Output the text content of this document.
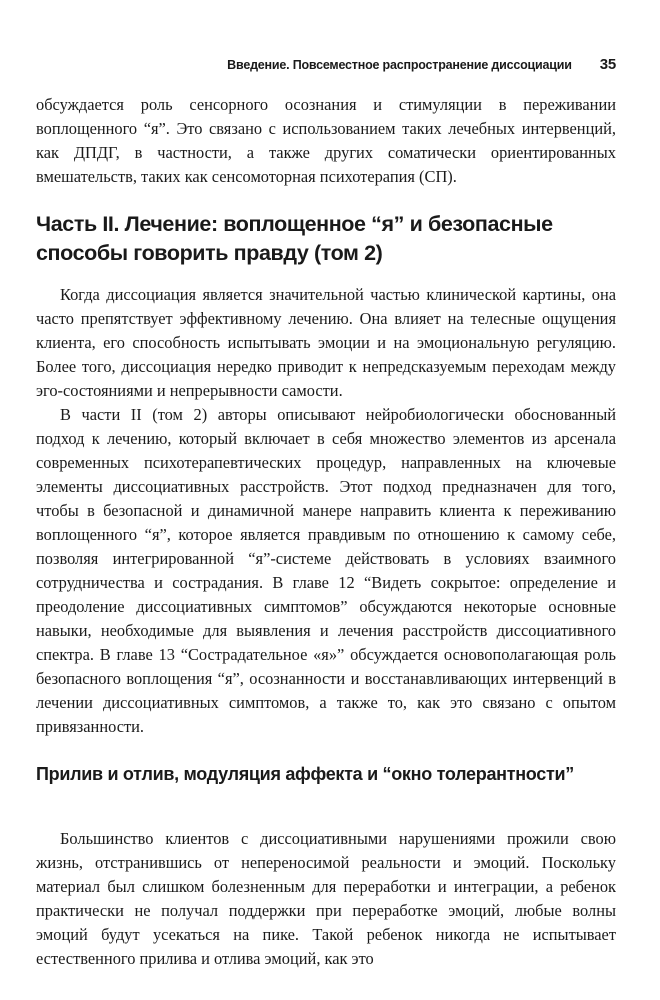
Введение. Повсеместное распространение диссоциации 35

обсуждается роль сенсорного осознания и стимуляции в переживании воплощенного “я”. Это связано с использованием таких лечебных интервенций, как ДПДГ, в частности, а также других соматически ориентированных вмешательств, таких как сенсомоторная психотерапия (СП).

Часть II. Лечение: воплощенное “я” и безопасные способы говорить правду (том 2)

Когда диссоциация является значительной частью клинической картины, она часто препятствует эффективному лечению. Она влияет на телесные ощущения клиента, его способность испытывать эмоции и на эмоциональную регуляцию. Более того, диссоциация нередко приводит к непредсказуемым переходам между эго-состояниями и непрерывности самости.

В части II (том 2) авторы описывают нейробиологически обоснованный подход к лечению, который включает в себя множество элементов из арсенала современных психотерапевтических процедур, направленных на ключевые элементы диссоциативных расстройств. Этот подход предназначен для того, чтобы в безопасной и динамичной манере направить клиента к переживанию воплощенного “я”, которое является правдивым по отношению к самому себе, позволяя интегрированной “я”-системе действовать в условиях взаимного сотрудничества и сострадания. В главе 12 “Видеть сокрытое: определение и преодоление диссоциативных симптомов” обсуждаются некоторые основные навыки, необходимые для выявления и лечения расстройств диссоциативного спектра. В главе 13 “Сострадательное «я»” обсуждается основополагающая роль безопасного воплощения “я”, осознанности и восстанавливающих интервенций в лечении диссоциативных симптомов, а также то, как это связано с опытом привязанности.

Прилив и отлив, модуляция аффекта и “окно толерантности”

Большинство клиентов с диссоциативными нарушениями прожили свою жизнь, отстранившись от непереносимой реальности и эмоций. Поскольку материал был слишком болезненным для переработки и интеграции, а ребенок практически не получал поддержки при переработке эмоций, любые волны эмоций будут усекаться на пике. Такой ребенок никогда не испытывает естественного прилива и отлива эмоций, как это
